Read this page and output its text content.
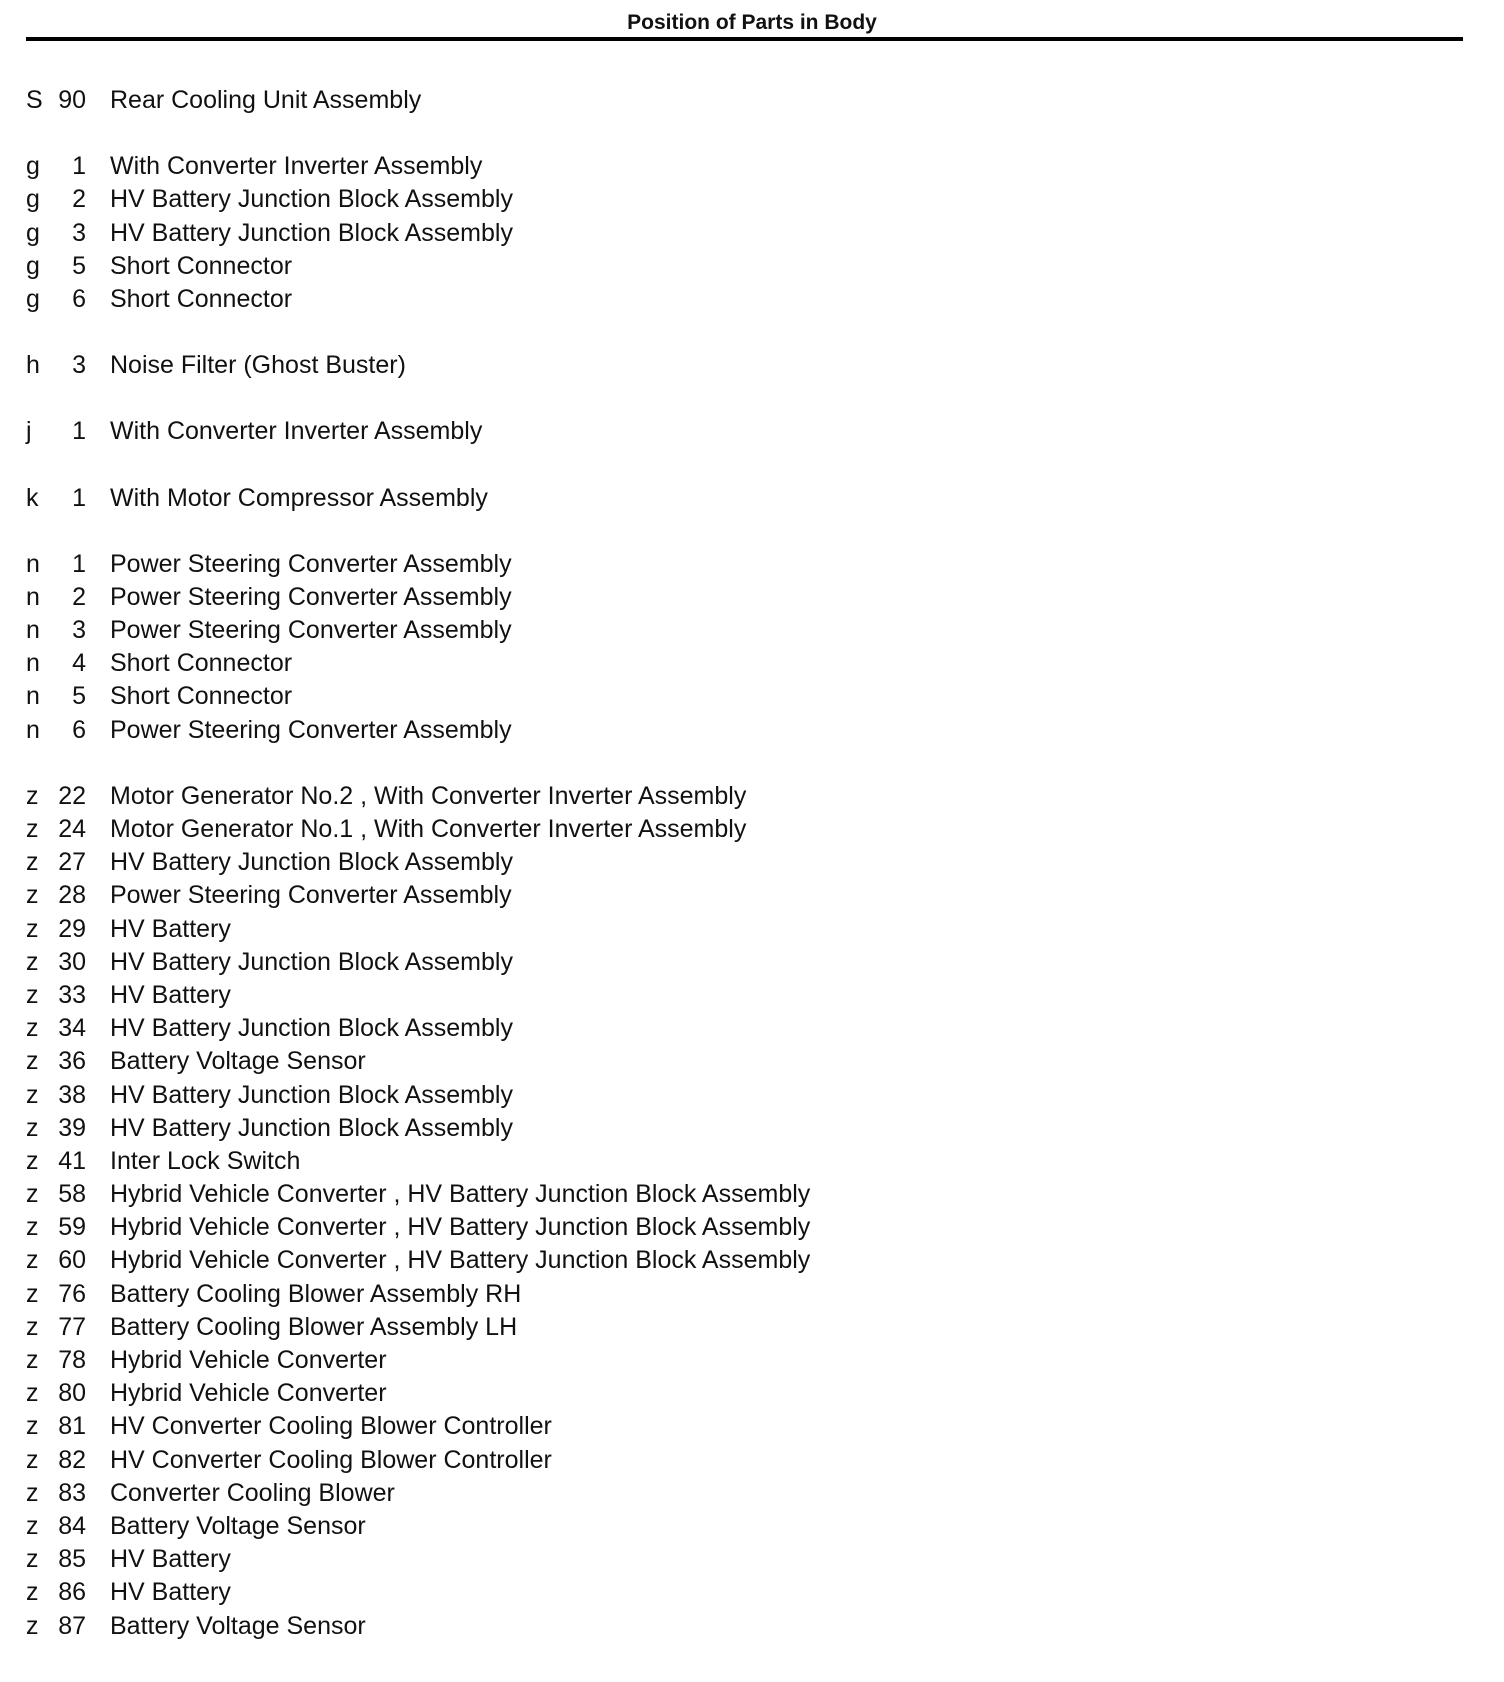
Position of Parts in Body
S 90 Rear Cooling Unit Assembly
g	1 With Converter Inverter Assembly
g	2 HV Battery Junction Block Assembly
g	3 HV Battery Junction Block Assembly
g	5 Short Connector
g	6 Short Connector
h	3 Noise Filter (Ghost Buster)
j	1 With Converter Inverter Assembly
k	1 With Motor Compressor Assembly
n	1 Power Steering Converter Assembly
n	2 Power Steering Converter Assembly
n	3 Power Steering Converter Assembly
n	4 Short Connector
n	5 Short Connector
n	6 Power Steering Converter Assembly
z 22 Motor Generator No.2 , With Converter Inverter Assembly
z 24 Motor Generator No.1 , With Converter Inverter Assembly
z 27 HV Battery Junction Block Assembly
z 28 Power Steering Converter Assembly
z 29 HV Battery
z 30 HV Battery Junction Block Assembly
z 33 HV Battery
z 34 HV Battery Junction Block Assembly
z 36 Battery Voltage Sensor
z 38 HV Battery Junction Block Assembly
z 39 HV Battery Junction Block Assembly
z 41 Inter Lock Switch
z 58 Hybrid Vehicle Converter , HV Battery Junction Block Assembly
z 59 Hybrid Vehicle Converter , HV Battery Junction Block Assembly
z 60 Hybrid Vehicle Converter , HV Battery Junction Block Assembly
z 76 Battery Cooling Blower Assembly RH
z 77 Battery Cooling Blower Assembly LH
z 78 Hybrid Vehicle Converter
z 80 Hybrid Vehicle Converter
z 81 HV Converter Cooling Blower Controller
z 82 HV Converter Cooling Blower Controller
z 83 Converter Cooling Blower
z 84 Battery Voltage Sensor
z 85 HV Battery
z 86 HV Battery
z 87 Battery Voltage Sensor
